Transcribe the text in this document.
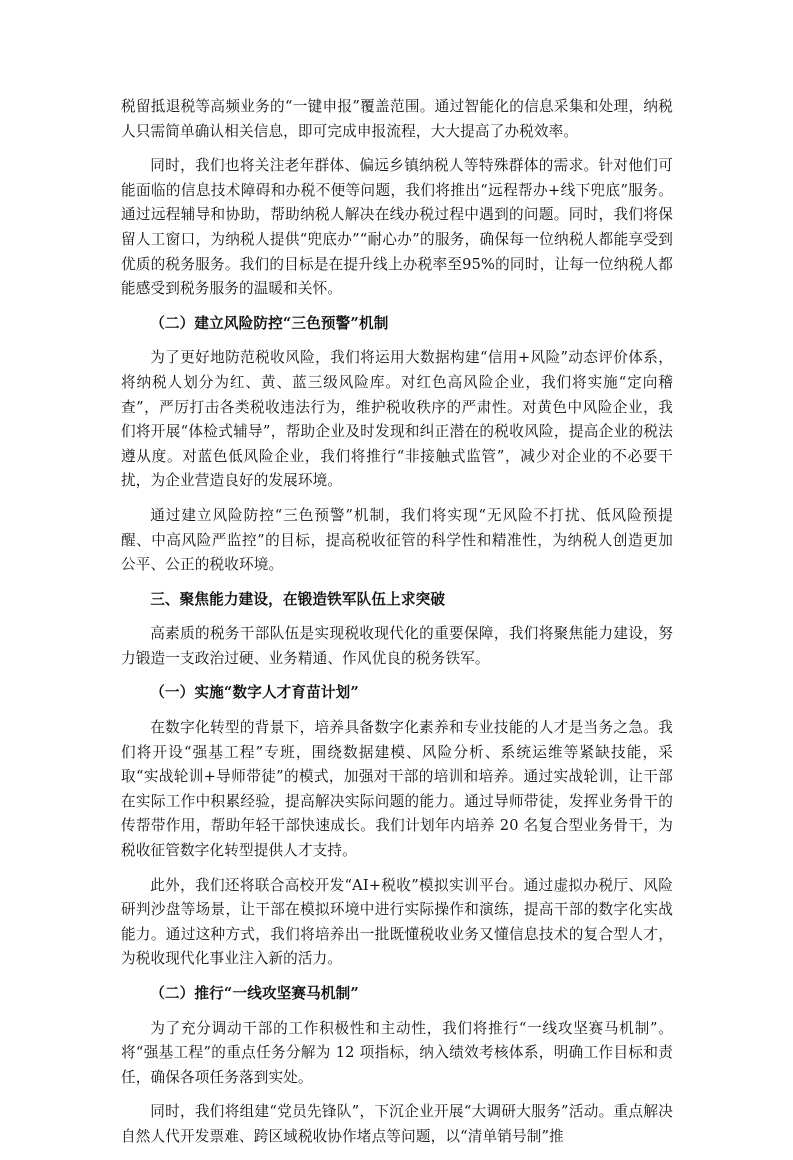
税留抵退税等高频业务的“一键申报”覆盖范围。通过智能化的信息采集和处理，纳税人只需简单确认相关信息，即可完成申报流程，大大提高了办税效率。

同时，我们也将关注老年群体、偏远乡镇纳税人等特殊群体的需求。针对他们可能面临的信息技术障碍和办税不便等问题，我们将推出“远程帮办+线下兜底”服务。通过远程辅导和协助，帮助纳税人解决在线办税过程中遇到的问题。同时，我们将保留人工窗口，为纳税人提供“兜底办”“耐心办”的服务，确保每一位纳税人都能享受到优质的税务服务。我们的目标是在提升线上办税率至95%的同时，让每一位纳税人都能感受到税务服务的温暖和关怀。

（二）建立风险防控“三色预警”机制

为了更好地防范税收风险，我们将运用大数据构建“信用+风险”动态评价体系，将纳税人划分为红、黄、蓝三级风险库。对红色高风险企业，我们将实施“定向稽查”，严厉打击各类税收违法行为，维护税收秩序的严肃性。对黄色中风险企业，我们将开展“体检式辅导”，帮助企业及时发现和纠正潜在的税收风险，提高企业的税法遵从度。对蓝色低风险企业，我们将推行“非接触式监管”，减少对企业的不必要干扰，为企业营造良好的发展环境。

通过建立风险防控“三色预警”机制，我们将实现“无风险不打扰、低风险预提醒、中高风险严监控”的目标，提高税收征管的科学性和精准性，为纳税人创造更加公平、公正的税收环境。

三、聚焦能力建设，在锻造铁军队伍上求突破

高素质的税务干部队伍是实现税收现代化的重要保障，我们将聚焦能力建设，努力锻造一支政治过硬、业务精通、作风优良的税务铁军。

（一）实施“数字人才育苗计划”

在数字化转型的背景下，培养具备数字化素养和专业技能的人才是当务之急。我们将开设“强基工程”专班，围绕数据建模、风险分析、系统运维等紧缺技能，采取“实战轮训+导师带徒”的模式，加强对干部的培训和培养。通过实战轮训，让干部在实际工作中积累经验，提高解决实际问题的能力。通过导师带徒，发挥业务骨干的传帮带作用，帮助年轻干部快速成长。我们计划年内培养 20 名复合型业务骨干，为税收征管数字化转型提供人才支持。

此外，我们还将联合高校开发“AI+税收”模拟实训平台。通过虚拟办税厅、风险研判沙盘等场景，让干部在模拟环境中进行实际操作和演练，提高干部的数字化实战能力。通过这种方式，我们将培养出一批既懂税收业务又懂信息技术的复合型人才，为税收现代化事业注入新的活力。

（二）推行“一线攻坚赛马机制”

为了充分调动干部的工作积极性和主动性，我们将推行“一线攻坚赛马机制”。将“强基工程”的重点任务分解为 12 项指标，纳入绩效考核体系，明确工作目标和责任，确保各项任务落到实处。

同时，我们将组建“党员先锋队”，下沉企业开展“大调研大服务”活动。重点解决自然人代开发票难、跨区域税收协作堵点等问题，以“清单销号制”推
